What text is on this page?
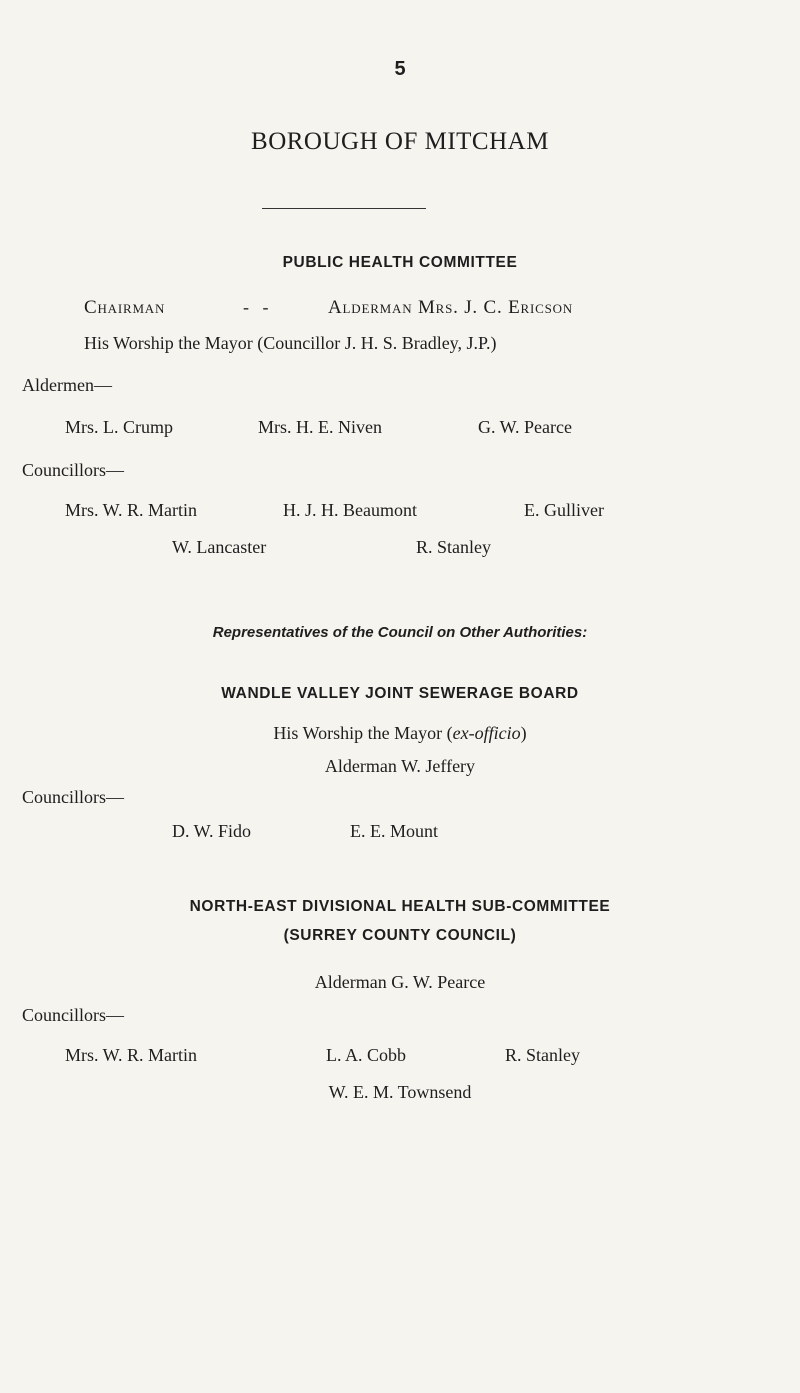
5
BOROUGH OF MITCHAM
PUBLIC HEALTH COMMITTEE
Chairman	-   -	Alderman Mrs. J. C. Ericson
His Worship the Mayor (Councillor J. H. S. Bradley, J.P.)
Aldermen—
Mrs. L. Crump	Mrs. H. E. Niven	G. W. Pearce
Councillors—
Mrs. W. R. Martin	H. J. H. Beaumont	E. Gulliver
W. Lancaster	R. Stanley
Representatives of the Council on Other Authorities:
WANDLE VALLEY JOINT SEWERAGE BOARD
His Worship the Mayor (ex-officio)
Alderman W. Jeffery
Councillors—
D. W. Fido	E. E. Mount
NORTH-EAST DIVISIONAL HEALTH SUB-COMMITTEE
(SURREY COUNTY COUNCIL)
Alderman G. W. Pearce
Councillors—
Mrs. W. R. Martin	L. A. Cobb	R. Stanley
W. E. M. Townsend
